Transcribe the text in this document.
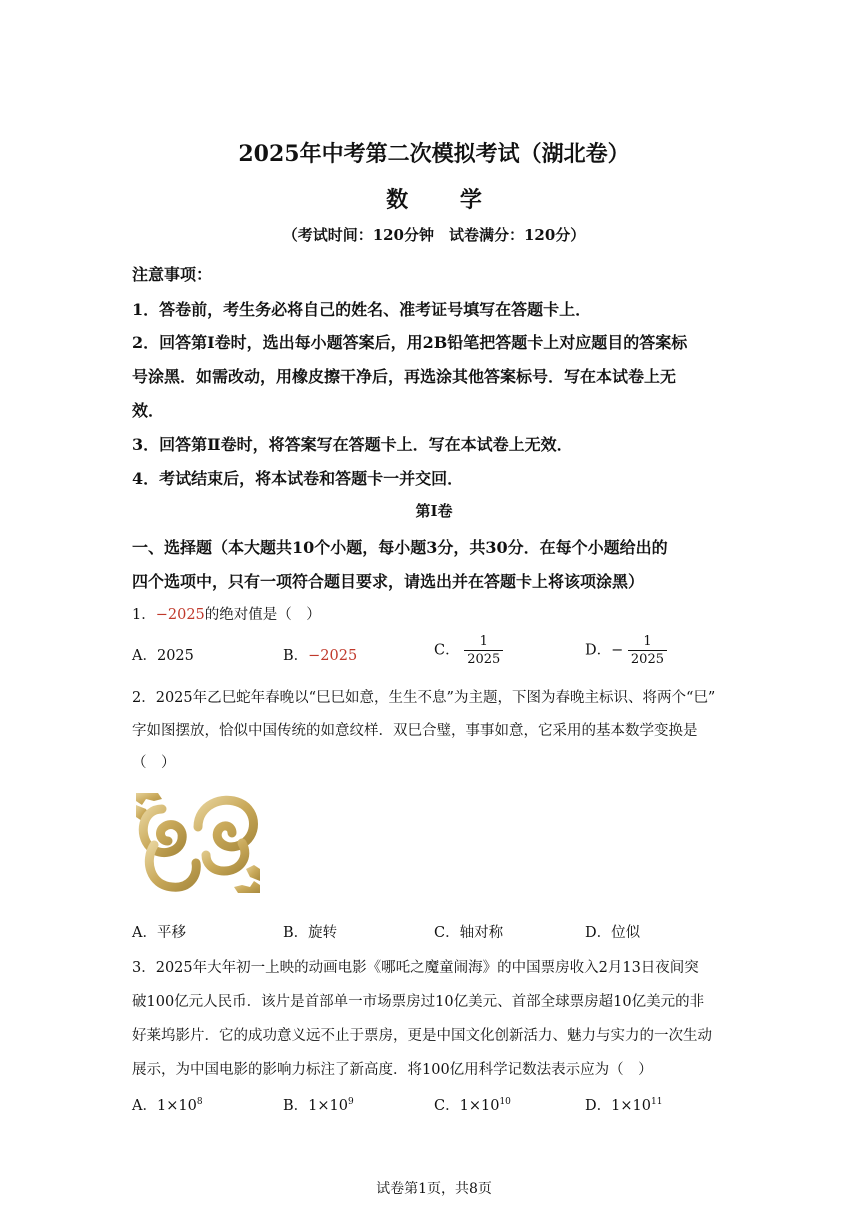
2025年中考第二次模拟考试（湖北卷）
数 学
（考试时间：120分钟　试卷满分：120分）
注意事项：
1．答卷前，考生务必将自己的姓名、准考证号填写在答题卡上．
2．回答第Ⅰ卷时，选出每小题答案后，用2B铅笔把答题卡上对应题目的答案标
号涂黑．如需改动，用橡皮擦干净后，再选涂其他答案标号．写在本试卷上无
效．
3．回答第Ⅱ卷时，将答案写在答题卡上．写在本试卷上无效．
4．考试结束后，将本试卷和答题卡一并交回．
第Ⅰ卷
一、选择题（本大题共10个小题，每小题3分，共30分．在每个小题给出的
四个选项中，只有一项符合题目要求，请选出并在答题卡上将该项涂黑）
1．−2025的绝对值是（　）
A．2025	B．−2025	C． $\frac{1}{2025}$	D．− $\frac{1}{2025}$
2．2025年乙巳蛇年春晚以“巳巳如意，生生不息”为主题，下图为春晚主标识、将两个“巳”
字如图摆放，恰似中国传统的如意纹样．双巳合璧，事事如意，它采用的基本数学变换是
（　）
A．平移	B．旋转	C．轴对称	D．位似
3．2025年大年初一上映的动画电影《哪吒之魔童闹海》的中国票房收入2月13日夜间突
破100亿元人民币．该片是首部单一市场票房过10亿美元、首部全球票房超10亿美元的非
好莱坞影片．它的成功意义远不止于票房，更是中国文化创新活力、魅力与实力的一次生动
展示，为中国电影的影响力标注了新高度．将100亿用科学记数法表示应为（　）
A．$1\times 10^8$	B．$1\times 10^9$	C．$1\times 10^{10}$	D．$1\times 10^{11}$
试卷第1页，共8页
